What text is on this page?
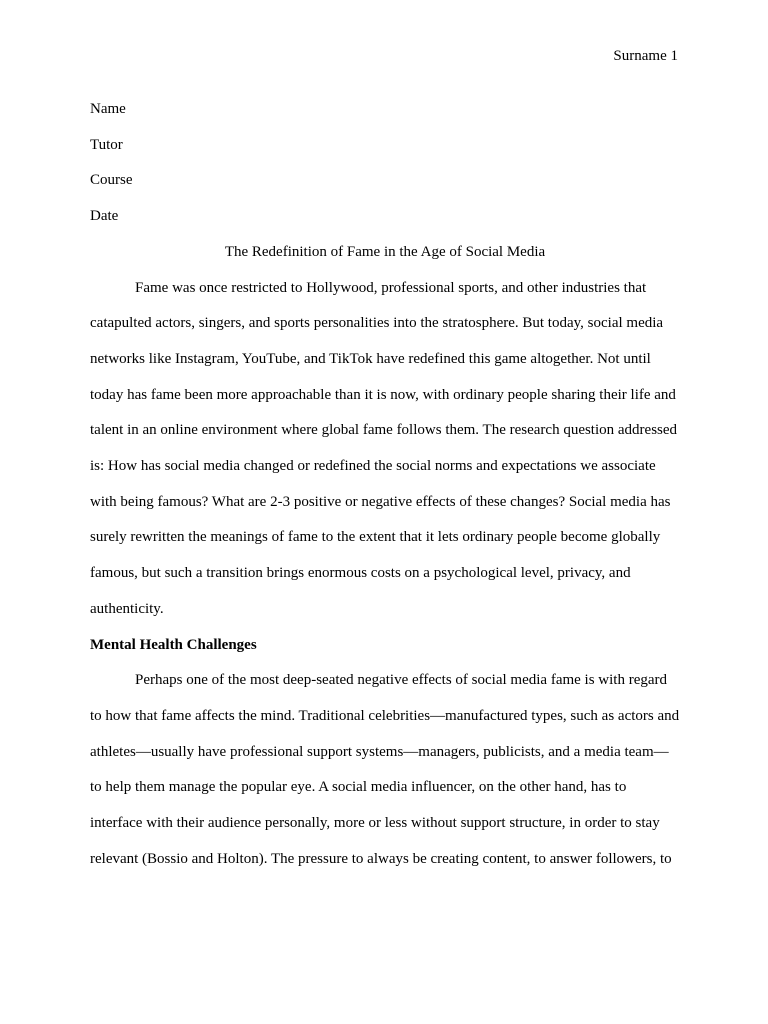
Surname 1

Name

Tutor

Course

Date

The Redefinition of Fame in the Age of Social Media

Fame was once restricted to Hollywood, professional sports, and other industries that catapulted actors, singers, and sports personalities into the stratosphere. But today, social media networks like Instagram, YouTube, and TikTok have redefined this game altogether. Not until today has fame been more approachable than it is now, with ordinary people sharing their life and talent in an online environment where global fame follows them. The research question addressed is: How has social media changed or redefined the social norms and expectations we associate with being famous? What are 2-3 positive or negative effects of these changes? Social media has surely rewritten the meanings of fame to the extent that it lets ordinary people become globally famous, but such a transition brings enormous costs on a psychological level, privacy, and authenticity.

Mental Health Challenges

Perhaps one of the most deep-seated negative effects of social media fame is with regard to how that fame affects the mind. Traditional celebrities—manufactured types, such as actors and athletes—usually have professional support systems—managers, publicists, and a media team—to help them manage the popular eye. A social media influencer, on the other hand, has to interface with their audience personally, more or less without support structure, in order to stay relevant (Bossio and Holton). The pressure to always be creating content, to answer followers, to
